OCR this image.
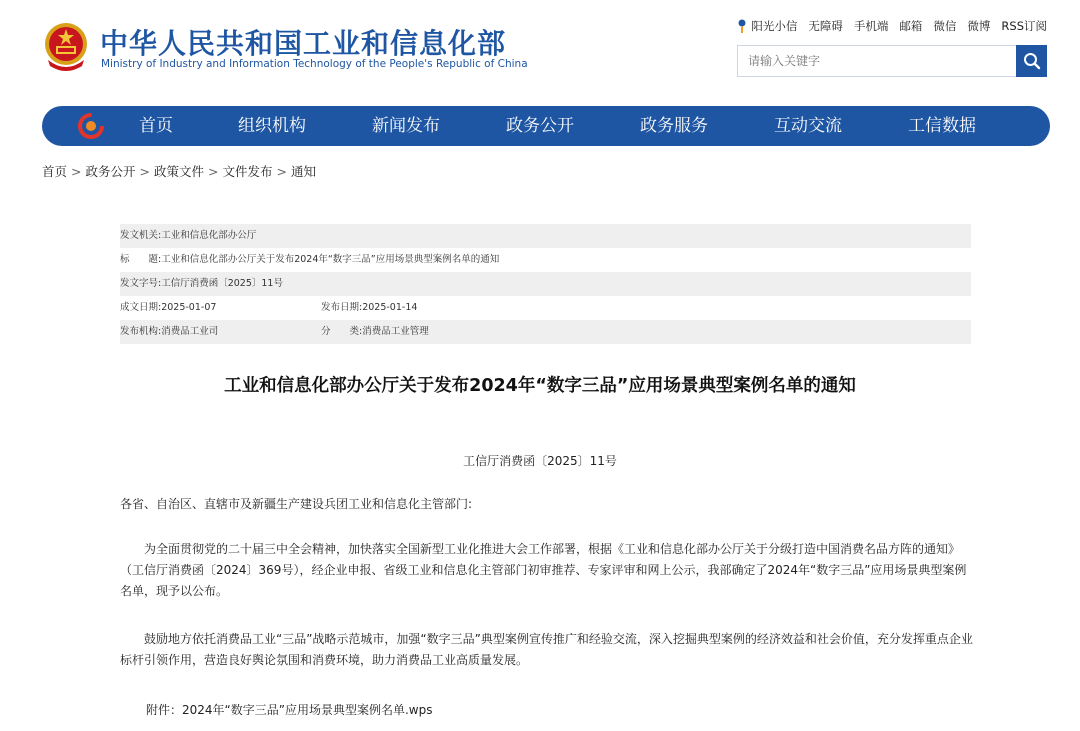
中华人民共和国工业和信息化部
Ministry of Industry and Information Technology of the People's Republic of China
阳光小信 无障碍 手机端 邮箱 微信 微博 RSS订阅
请输入关键字
首页	组织机构	新闻发布	政务公开	政务服务	互动交流	工信数据
首页 > 政务公开 > 政策文件 > 文件发布 > 通知
发文机关: 工业和信息化部办公厅
标　　题: 工业和信息化部办公厅关于发布2024年“数字三品”应用场景典型案例名单的通知
发文字号: 工信厅消费函〔2025〕11号
成文日期: 2025-01-07	发布日期: 2025-01-14
发布机构: 消费品工业司	分　　类: 消费品工业管理
工业和信息化部办公厅关于发布2024年“数字三品”应用场景典型案例名单的通知
工信厅消费函〔2025〕11号
各省、自治区、直辖市及新疆生产建设兵团工业和信息化主管部门:
为全面贯彻党的二十届三中全会精神，加快落实全国新型工业化推进大会工作部署，根据《工业和信息化部办公厅关于分级打造中国消费名品方阵的通知》（工信厅消费函〔2024〕369号），经企业申报、省级工业和信息化主管部门初审推荐、专家评审和网上公示，我部确定了2024年“数字三品”应用场景典型案例名单，现予以公布。
鼓励地方依托消费品工业“三品”战略示范城市，加强“数字三品”典型案例宣传推广和经验交流，深入挖掘典型案例的经济效益和社会价值，充分发挥重点企业标杆引领作用，营造良好舆论氛围和消费环境，助力消费品工业高质量发展。
附件：2024年“数字三品”应用场景典型案例名单.wps
